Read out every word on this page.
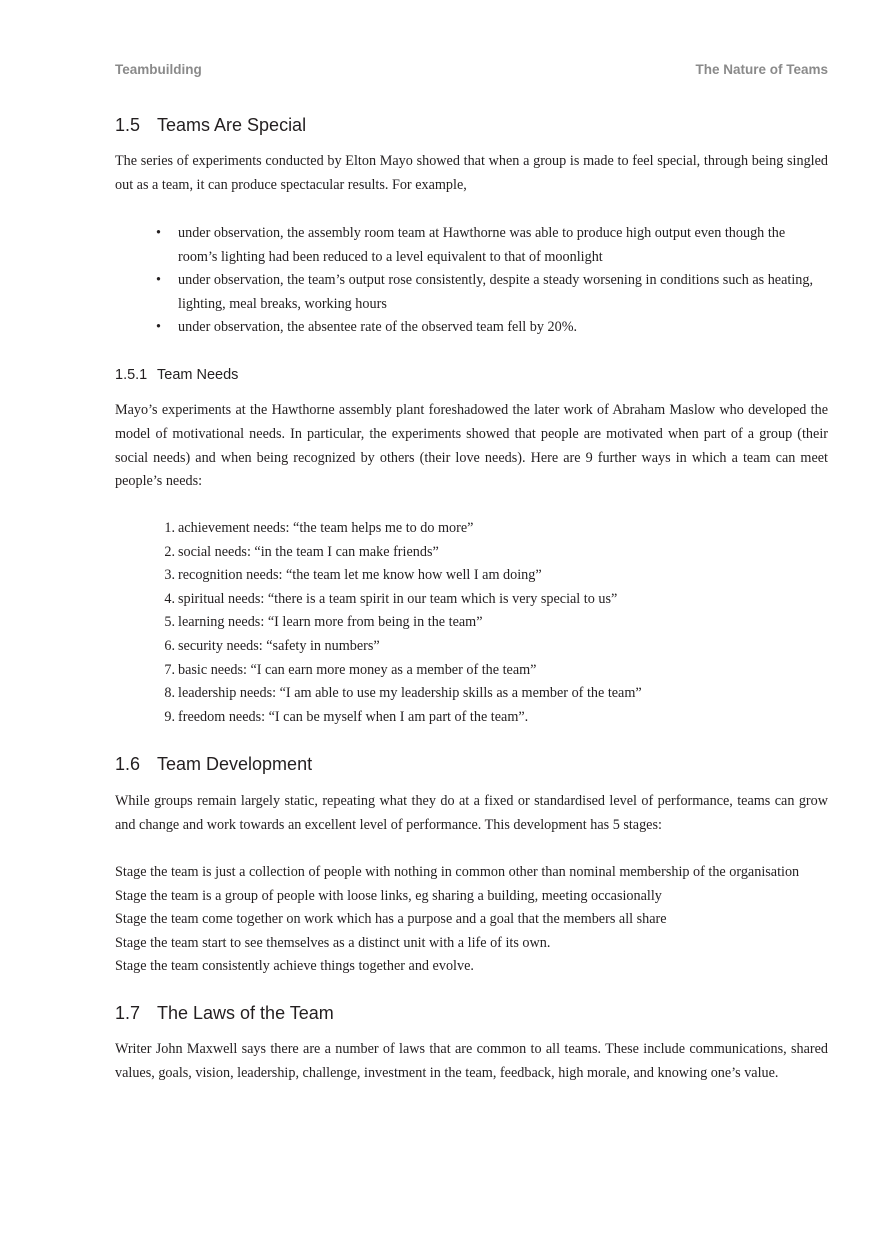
Teambuilding	The Nature of Teams
1.5 Teams Are Special

The series of experiments conducted by Elton Mayo showed that when a group is made to feel special, through being singled out as a team, it can produce spectacular results. For example,

• under observation, the assembly room team at Hawthorne was able to produce high output even though the room’s lighting had been reduced to a level equivalent to that of moonlight
• under observation, the team’s output rose consistently, despite a steady worsening in conditions such as heating, lighting, meal breaks, working hours
• under observation, the absentee rate of the observed team fell by 20%.
1.5.1 Team Needs

Mayo’s experiments at the Hawthorne assembly plant foreshadowed the later work of Abraham Maslow who developed the model of motivational needs. In particular, the experiments showed that people are motivated when part of a group (their social needs) and when being recognized by others (their love needs). Here are 9 further ways in which a team can meet people’s needs:

1. achievement needs: “the team helps me to do more”
2. social needs: “in the team I can make friends”
3. recognition needs: “the team let me know how well I am doing”
4. spiritual needs: “there is a team spirit in our team which is very special to us”
5. learning needs: “I learn more from being in the team”
6. security needs: “safety in numbers”
7. basic needs: “I can earn more money as a member of the team”
8. leadership needs: “I am able to use my leadership skills as a member of the team”
9. freedom needs: “I can be myself when I am part of the team”.
1.6 Team Development

While groups remain largely static, repeating what they do at a fixed or standardised level of performance, teams can grow and change and work towards an excellent level of performance. This development has 5 stages:

Stage the team is just a collection of people with nothing in common other than nominal membership of the organisation
Stage the team is a group of people with loose links, eg sharing a building, meeting occasionally
Stage the team come together on work which has a purpose and a goal that the members all share
Stage the team start to see themselves as a distinct unit with a life of its own.
Stage the team consistently achieve things together and evolve.
1.7 The Laws of the Team

Writer John Maxwell says there are a number of laws that are common to all teams. These include communications, shared values, goals, vision, leadership, challenge, investment in the team, feedback, high morale, and knowing one’s value.
